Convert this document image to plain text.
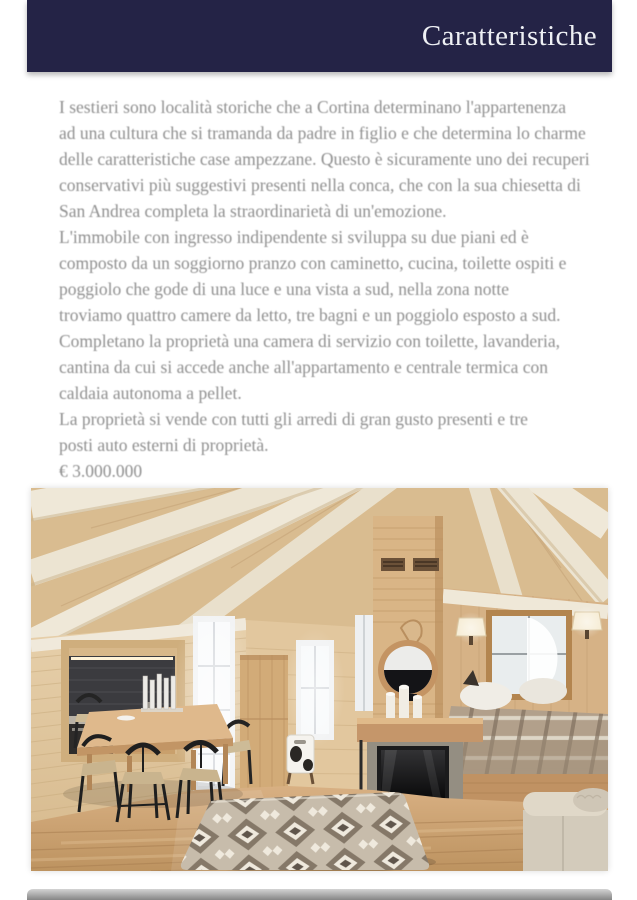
Caratteristiche

I sestieri sono località storiche che a Cortina determinano l'appartenenza

ad una cultura che si tramanda da padre in figlio e che determina lo charme

delle caratteristiche case ampezzane. Questo è sicuramente uno dei recuperi

conservativi più suggestivi presenti nella conca, che con la sua chiesetta di

San Andrea completa la straordinarietà di un'emozione.

L'immobile con ingresso indipendente si sviluppa su due piani ed è

composto da un soggiorno pranzo con caminetto, cucina, toilette ospiti e

poggiolo che gode di una luce e una vista a sud, nella zona notte

troviamo quattro camere da letto, tre bagni e un poggiolo esposto a sud.

Completano la proprietà una camera di servizio con toilette, lavanderia,

cantina da cui si accede anche all'appartamento e centrale termica con

caldaia autonoma a pellet.

La proprietà si vende con tutti gli arredi di gran gusto presenti e tre

posti auto esterni di proprietà.

€ 3.000.000
